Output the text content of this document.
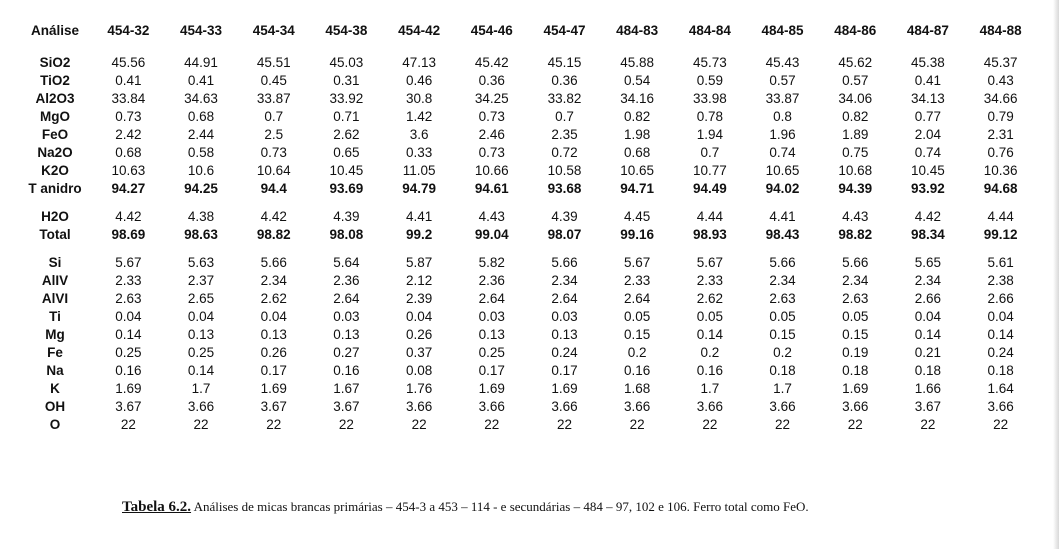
Análise	454-32	454-33	454-34	454-38	454-42	454-46	454-47	484-83	484-84	484-85	484-86	484-87	484-88

SiO2	45.56	44.91	45.51	45.03	47.13	45.42	45.15	45.88	45.73	45.43	45.62	45.38	45.37
TiO2	0.41	0.41	0.45	0.31	0.46	0.36	0.36	0.54	0.59	0.57	0.57	0.41	0.43
Al2O3	33.84	34.63	33.87	33.92	30.8	34.25	33.82	34.16	33.98	33.87	34.06	34.13	34.66
MgO	0.73	0.68	0.7	0.71	1.42	0.73	0.7	0.82	0.78	0.8	0.82	0.77	0.79
FeO	2.42	2.44	2.5	2.62	3.6	2.46	2.35	1.98	1.94	1.96	1.89	2.04	2.31
Na2O	0.68	0.58	0.73	0.65	0.33	0.73	0.72	0.68	0.7	0.74	0.75	0.74	0.76
K2O	10.63	10.6	10.64	10.45	11.05	10.66	10.58	10.65	10.77	10.65	10.68	10.45	10.36
T anidro	94.27	94.25	94.4	93.69	94.79	94.61	93.68	94.71	94.49	94.02	94.39	93.92	94.68

H2O	4.42	4.38	4.42	4.39	4.41	4.43	4.39	4.45	4.44	4.41	4.43	4.42	4.44
Total	98.69	98.63	98.82	98.08	99.2	99.04	98.07	99.16	98.93	98.43	98.82	98.34	99.12

Si	5.67	5.63	5.66	5.64	5.87	5.82	5.66	5.67	5.67	5.66	5.66	5.65	5.61
AlIV	2.33	2.37	2.34	2.36	2.12	2.36	2.34	2.33	2.33	2.34	2.34	2.34	2.38
AlVI	2.63	2.65	2.62	2.64	2.39	2.64	2.64	2.64	2.62	2.63	2.63	2.66	2.66
Ti	0.04	0.04	0.04	0.03	0.04	0.03	0.03	0.05	0.05	0.05	0.05	0.04	0.04
Mg	0.14	0.13	0.13	0.13	0.26	0.13	0.13	0.15	0.14	0.15	0.15	0.14	0.14
Fe	0.25	0.25	0.26	0.27	0.37	0.25	0.24	0.2	0.2	0.2	0.19	0.21	0.24
Na	0.16	0.14	0.17	0.16	0.08	0.17	0.17	0.16	0.16	0.18	0.18	0.18	0.18
K	1.69	1.7	1.69	1.67	1.76	1.69	1.69	1.68	1.7	1.7	1.69	1.66	1.64
OH	3.67	3.66	3.67	3.67	3.66	3.66	3.66	3.66	3.66	3.66	3.66	3.67	3.66
O	22	22	22	22	22	22	22	22	22	22	22	22	22
Tabela 6.2. Análises de micas brancas primárias – 454-3 a 453 – 114 - e secundárias – 484 – 97, 102 e 106. Ferro total como FeO.
